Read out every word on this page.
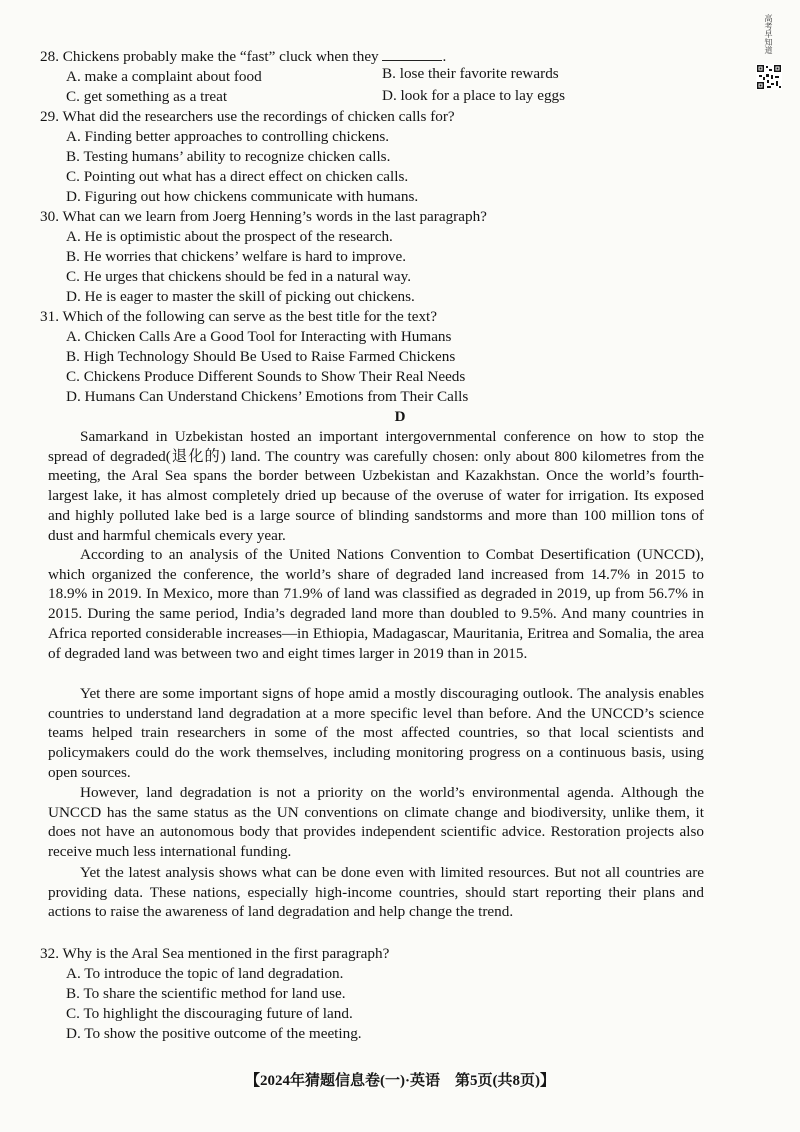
高考早知道
28. Chickens probably make the “fast” cluck when they	.
A. make a complaint about food	B. lose their favorite rewards
C. get something as a treat	D. look for a place to lay eggs
29. What did the researchers use the recordings of chicken calls for?
A. Finding better approaches to controlling chickens.
B. Testing humans’ ability to recognize chicken calls.
C. Pointing out what has a direct effect on chicken calls.
D. Figuring out how chickens communicate with humans.
30. What can we learn from Joerg Henning’s words in the last paragraph?
A. He is optimistic about the prospect of the research.
B. He worries that chickens’ welfare is hard to improve.
C. He urges that chickens should be fed in a natural way.
D. He is eager to master the skill of picking out chickens.
31. Which of the following can serve as the best title for the text?
A. Chicken Calls Are a Good Tool for Interacting with Humans
B. High Technology Should Be Used to Raise Farmed Chickens
C. Chickens Produce Different Sounds to Show Their Real Needs
D. Humans Can Understand Chickens’ Emotions from Their Calls
D
Samarkand in Uzbekistan hosted an important intergovernmental conference on how to stop the spread of degraded(退化的) land. The country was carefully chosen: only about 800 kilometres from the meeting, the Aral Sea spans the border between Uzbekistan and Kazakhstan. Once the world’s fourth-largest lake, it has almost completely dried up because of the overuse of water for irrigation. Its exposed and highly polluted lake bed is a large source of blinding sandstorms and more than 100 million tons of dust and harmful chemicals every year.
According to an analysis of the United Nations Convention to Combat Desertification (UNCCD), which organized the conference, the world’s share of degraded land increased from 14.7% in 2015 to 18.9% in 2019. In Mexico, more than 71.9% of land was classified as degraded in 2019, up from 56.7% in 2015. During the same period, India’s degraded land more than doubled to 9.5%. And many countries in Africa reported considerable increases—in Ethiopia, Madagascar, Mauritania, Eritrea and Somalia, the area of degraded land was between two and eight times larger in 2019 than in 2015.
Yet there are some important signs of hope amid a mostly discouraging outlook. The analysis enables countries to understand land degradation at a more specific level than before. And the UNCCD’s science teams helped train researchers in some of the most affected countries, so that local scientists and policymakers could do the work themselves, including monitoring progress on a continuous basis, using open sources.
However, land degradation is not a priority on the world’s environmental agenda. Although the UNCCD has the same status as the UN conventions on climate change and biodiversity, unlike them, it does not have an autonomous body that provides independent scientific advice. Restoration projects also receive much less international funding.
Yet the latest analysis shows what can be done even with limited resources. But not all countries are providing data. These nations, especially high-income countries, should start reporting their plans and actions to raise the awareness of land degradation and help change the trend.
32. Why is the Aral Sea mentioned in the first paragraph?
A. To introduce the topic of land degradation.
B. To share the scientific method for land use.
C. To highlight the discouraging future of land.
D. To show the positive outcome of the meeting.
【2024年猜题信息卷(一)·英语　第5页(共8页)】
